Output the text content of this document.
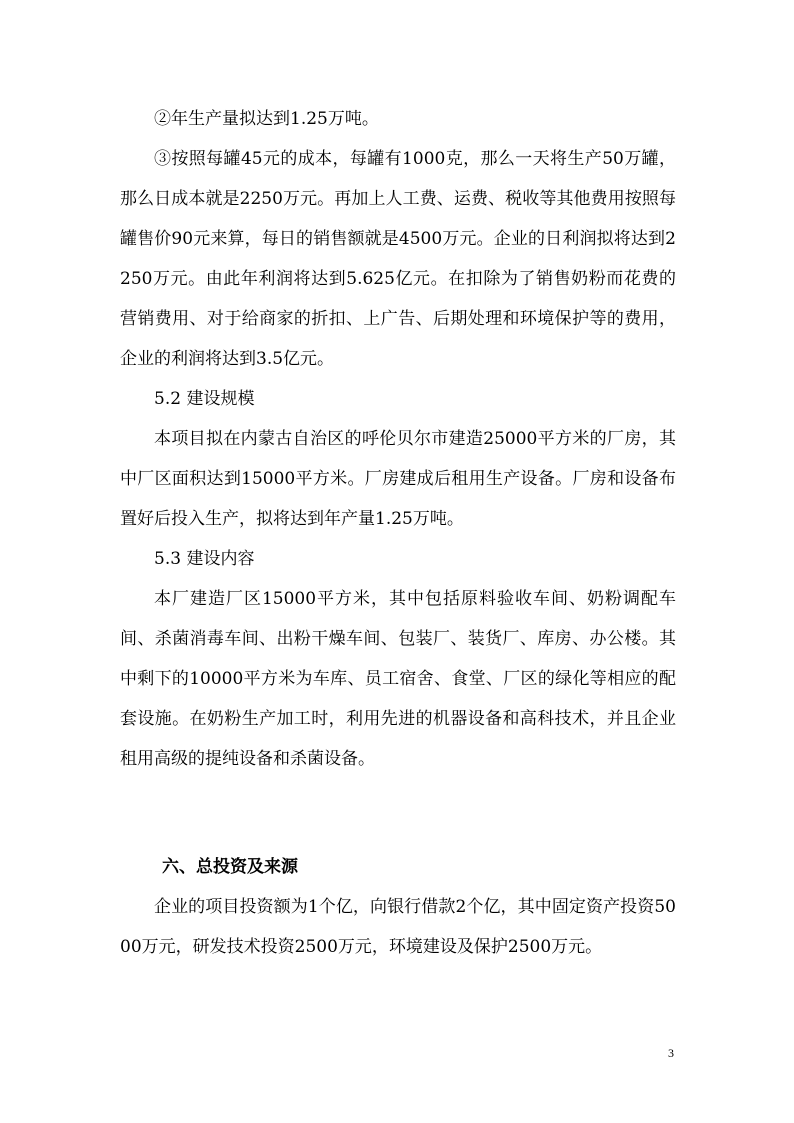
②年生产量拟达到1.25万吨。

③按照每罐45元的成本，每罐有1000克，那么一天将生产50万罐，那么日成本就是2250万元。再加上人工费、运费、税收等其他费用按照每罐售价90元来算，每日的销售额就是4500万元。企业的日利润拟将达到2250万元。由此年利润将达到5.625亿元。在扣除为了销售奶粉而花费的营销费用、对于给商家的折扣、上广告、后期处理和环境保护等的费用，企业的利润将达到3.5亿元。

5.2 建设规模

本项目拟在内蒙古自治区的呼伦贝尔市建造25000平方米的厂房，其中厂区面积达到15000平方米。厂房建成后租用生产设备。厂房和设备布置好后投入生产，拟将达到年产量1.25万吨。

5.3 建设内容

本厂建造厂区15000平方米，其中包括原料验收车间、奶粉调配车间、杀菌消毒车间、出粉干燥车间、包装厂、装货厂、库房、办公楼。其中剩下的10000平方米为车库、员工宿舍、食堂、厂区的绿化等相应的配套设施。在奶粉生产加工时，利用先进的机器设备和高科技术，并且企业租用高级的提纯设备和杀菌设备。

六、总投资及来源

企业的项目投资额为1个亿，向银行借款2个亿，其中固定资产投资5000万元，研发技术投资2500万元，环境建设及保护2500万元。

3
